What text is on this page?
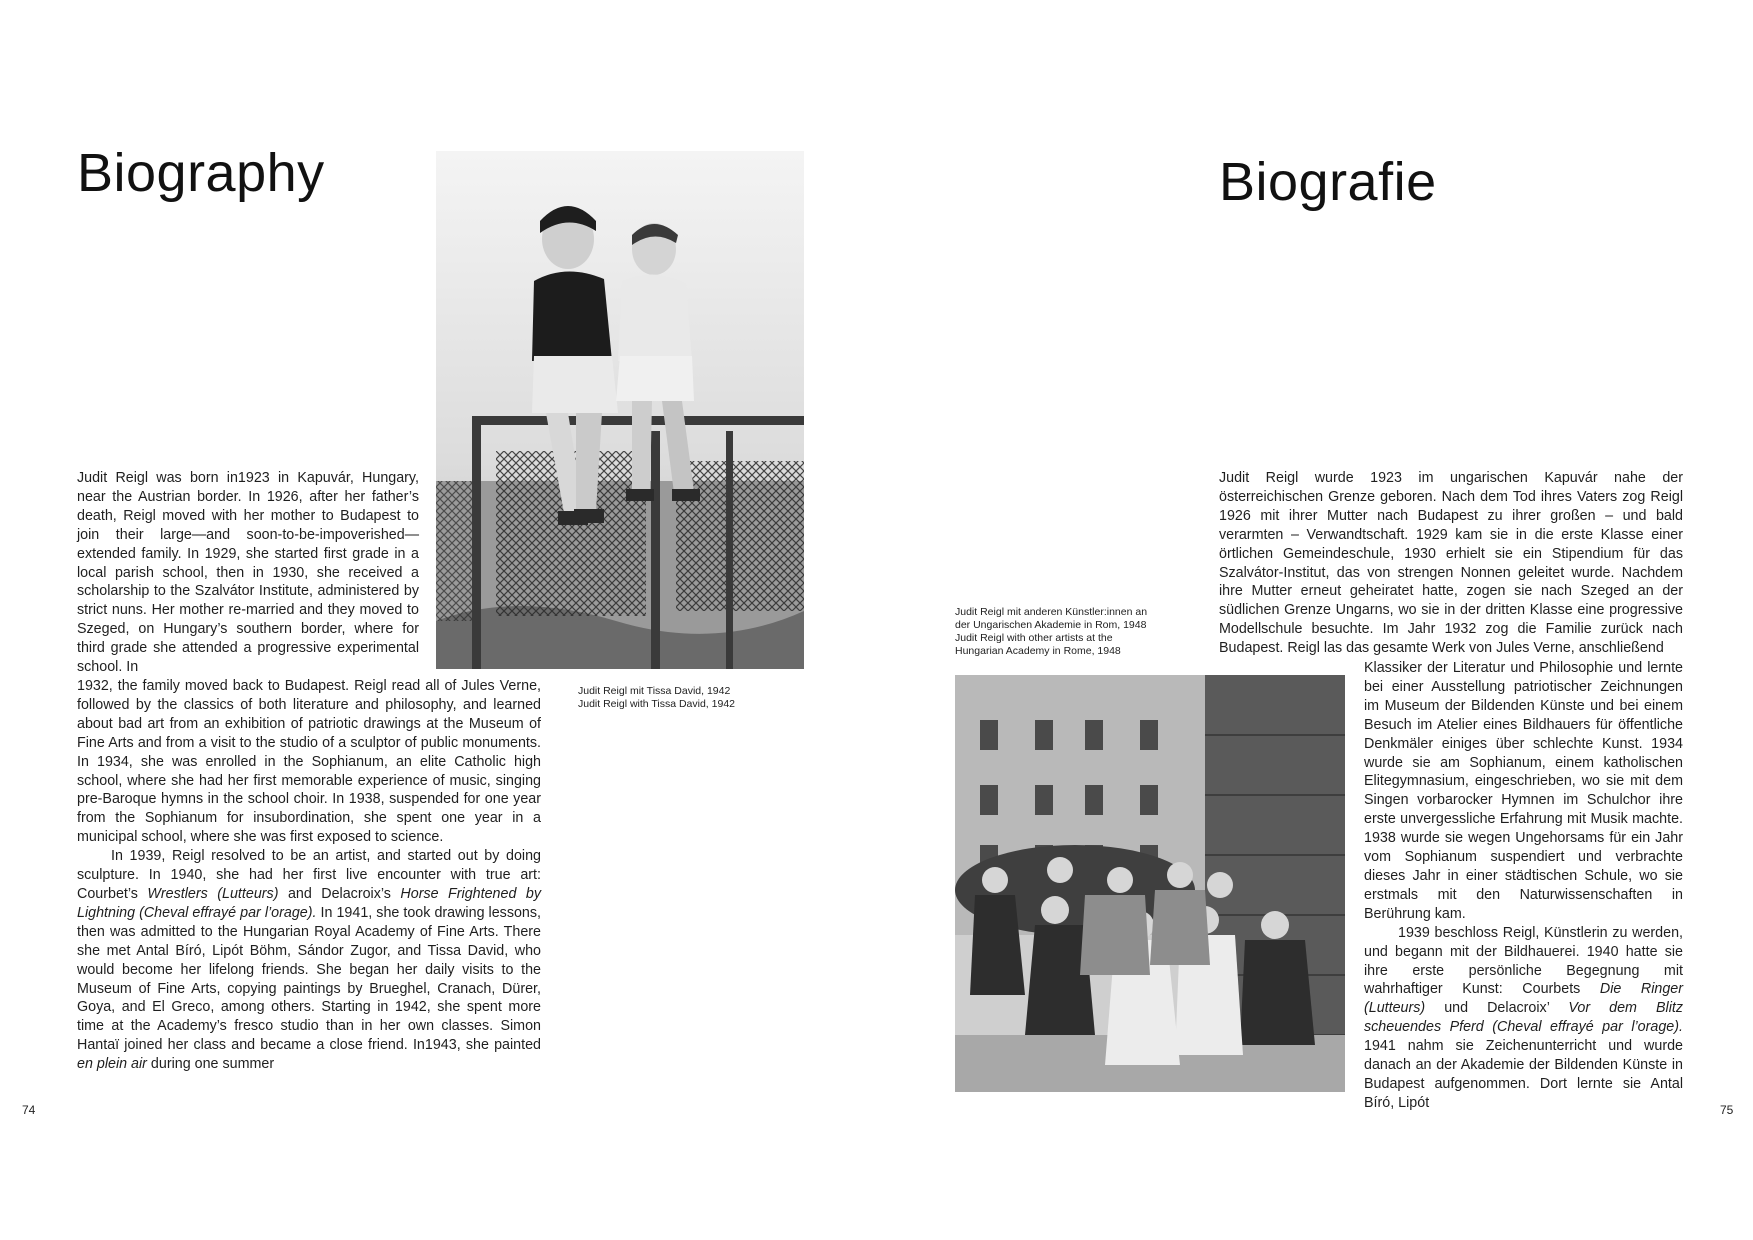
Biography
Judit Reigl mit Tissa David, 1942
Judit Reigl with Tissa David, 1942

Judit Reigl was born in1923 in Kapuvár, Hungary, near the Austrian border. In 1926, after her father’s death, Reigl moved with her mother to Budapest to join their large—and soon-to-be-impoverished—extended family. In 1929, she started first grade in a local parish school, then in 1930, she received a scholarship to the Szalvátor Institute, administered by strict nuns. Her mother re-married and they moved to Szeged, on Hungary’s southern border, where for third grade she attended a progressive experimental school. In

1932, the family moved back to Budapest. Reigl read all of Jules Verne, followed by the classics of both literature and philosophy, and learned about bad art from an exhibition of patriotic drawings at the Museum of Fine Arts and from a visit to the studio of a sculptor of public monuments. In 1934, she was enrolled in the Sophianum, an elite Catholic high school, where she had her first memorable experience of music, singing pre-Baroque hymns in the school choir. In 1938, suspended for one year from the Sophianum for insubordination, she spent one year in a municipal school, where she was first exposed to science.

In 1939, Reigl resolved to be an artist, and started out by doing sculpture. In 1940, she had her first live encounter with true art: Courbet’s Wrestlers (Lutteurs) and Delacroix’s Horse Frightened by Lightning (Cheval effrayé par l’orage). In 1941, she took drawing lessons, then was admitted to the Hungarian Royal Academy of Fine Arts. There she met Antal Bíró, Lipót Böhm, Sándor Zugor, and Tissa David, who would become her lifelong friends. She began her daily visits to the Museum of Fine Arts, copying paintings by Brueghel, Cranach, Dürer, Goya, and El Greco, among others. Starting in 1942, she spent more time at the Academy’s fresco studio than in her own classes. Simon Hantaï joined her class and became a close friend. In1943, she painted en plein air during one summer

74
Biografie
Judit Reigl mit anderen Künstler:innen an
der Ungarischen Akademie in Rom, 1948
Judit Reigl with other artists at the
Hungarian Academy in Rome, 1948

Judit Reigl wurde 1923 im ungarischen Kapuvár nahe der österreichischen Grenze geboren. Nach dem Tod ihres Vaters zog Reigl 1926 mit ihrer Mutter nach Budapest zu ihrer großen – und bald verarmten – Verwandtschaft. 1929 kam sie in die erste Klasse einer örtlichen Gemeindeschule, 1930 erhielt sie ein Stipendium für das Szalvátor-Institut, das von strengen Nonnen geleitet wurde. Nachdem ihre Mutter erneut geheiratet hatte, zogen sie nach Szeged an der südlichen Grenze Ungarns, wo sie in der dritten Klasse eine progressive Modellschule besuchte. Im Jahr 1932 zog die Familie zurück nach Budapest. Reigl las das gesamte Werk von Jules Verne, anschließend

Klassiker der Literatur und Philosophie und lernte bei einer Ausstellung patriotischer Zeichnungen im Museum der Bildenden Künste und bei einem Besuch im Atelier eines Bildhauers für öffentliche Denkmäler einiges über schlechte Kunst. 1934 wurde sie am Sophianum, einem katholischen Elitegymnasium, eingeschrieben, wo sie mit dem Singen vorbarocker Hymnen im Schulchor ihre erste unvergessliche Erfahrung mit Musik machte. 1938 wurde sie wegen Ungehorsams für ein Jahr vom Sophianum suspendiert und verbrachte dieses Jahr in einer städtischen Schule, wo sie erstmals mit den Naturwissenschaften in Berührung kam.

1939 beschloss Reigl, Künstlerin zu werden, und begann mit der Bildhauerei. 1940 hatte sie ihre erste persönliche Begegnung mit wahrhaftiger Kunst: Courbets Die Ringer (Lutteurs) und Delacroix’ Vor dem Blitz scheuendes Pferd (Cheval effrayé par l’orage). 1941 nahm sie Zeichenunterricht und wurde danach an der Akademie der Bildenden Künste in Budapest aufgenommen. Dort lernte sie Antal Bíró, Lipót	75
